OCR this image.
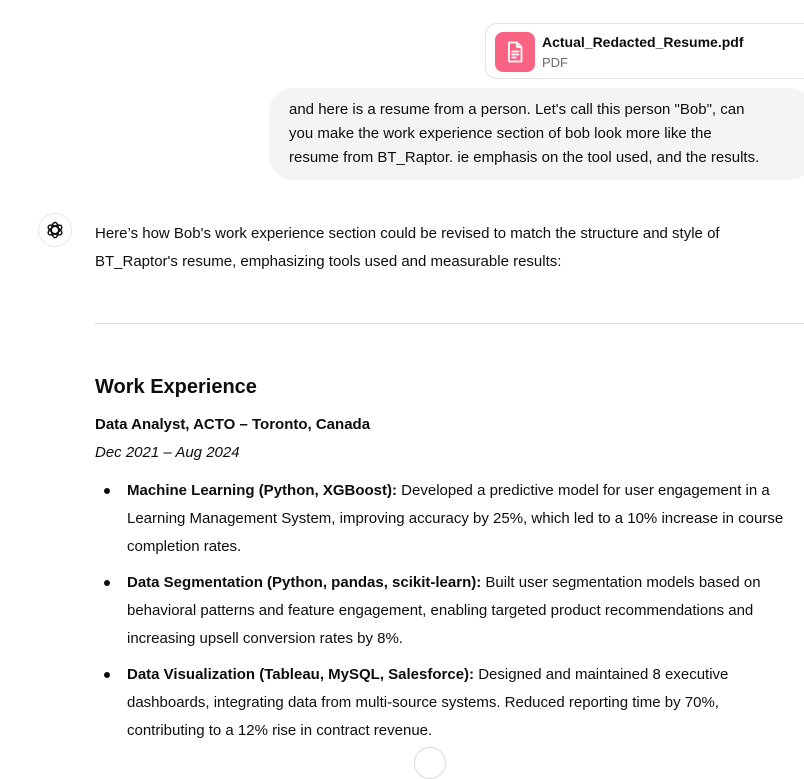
Actual_Redacted_Resume.pdf
PDF
and here is a resume from a person. Let's call this person "Bob", can
you make the work experience section of bob look more like the
resume from BT_Raptor. ie emphasis on the tool used, and the results.
Here’s how Bob's work experience section could be revised to match the structure and style of
BT_Raptor's resume, emphasizing tools used and measurable results:
Work Experience
Data Analyst, ACTO – Toronto, Canada
Dec 2021 – Aug 2024
Machine Learning (Python, XGBoost): Developed a predictive model for user engagement in a
Learning Management System, improving accuracy by 25%, which led to a 10% increase in course
completion rates.
Data Segmentation (Python, pandas, scikit-learn): Built user segmentation models based on
behavioral patterns and feature engagement, enabling targeted product recommendations and
increasing upsell conversion rates by 8%.
Data Visualization (Tableau, MySQL, Salesforce): Designed and maintained 8 executive
dashboards, integrating data from multi-source systems. Reduced reporting time by 70%,
contributing to a 12% rise in contract revenue.
